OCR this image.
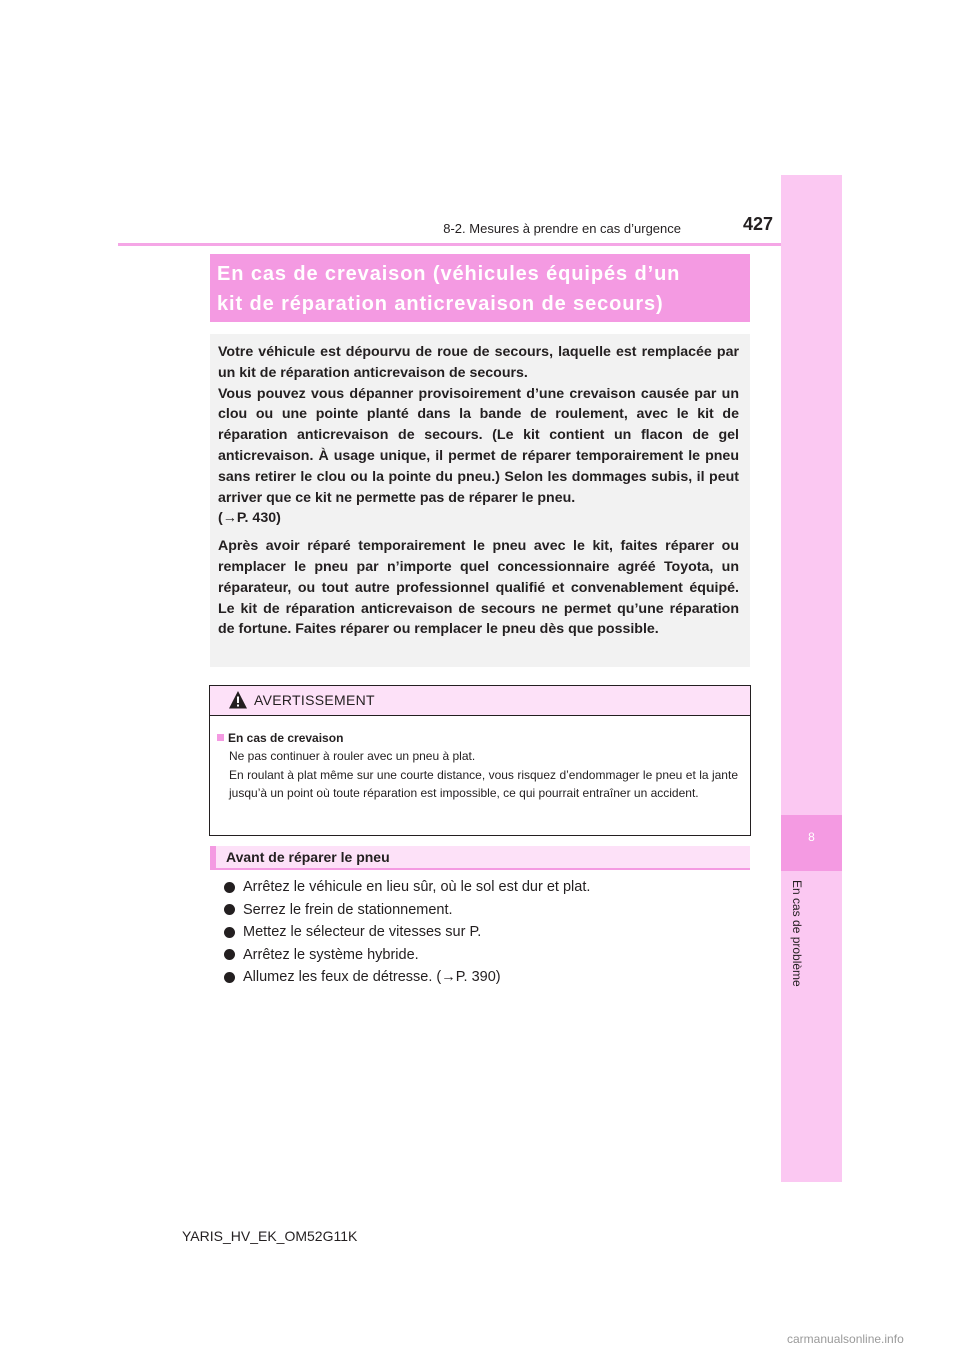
8-2. Mesures à prendre en cas d’urgence	427
8
En cas de problème
En cas de crevaison (véhicules équipés d’un
kit de réparation anticrevaison de secours)

Votre véhicule est dépourvu de roue de secours, laquelle est remplacée par un kit de réparation anticrevaison de secours.

Vous pouvez vous dépanner provisoirement d’une crevaison causée par un clou ou une pointe planté dans la bande de roulement, avec le kit de réparation anticrevaison de secours. (Le kit contient un flacon de gel anticrevaison. À usage unique, il permet de réparer temporairement le pneu sans retirer le clou ou la pointe du pneu.) Selon les dommages subis, il peut arriver que ce kit ne permette pas de réparer le pneu.

(→P. 430)

Après avoir réparé temporairement le pneu avec le kit, faites réparer ou remplacer le pneu par n’importe quel concessionnaire agréé Toyota, un réparateur, ou tout autre professionnel qualifié et convenablement équipé. Le kit de réparation anticrevaison de secours ne permet qu’une réparation de fortune. Faites réparer ou remplacer le pneu dès que possible.

AVERTISSEMENT
En cas de crevaison
Ne pas continuer à rouler avec un pneu à plat.
En roulant à plat même sur une courte distance, vous risquez d’endommager le pneu et la jante jusqu’à un point où toute réparation est impossible, ce qui pourrait entraîner un accident.
Avant de réparer le pneu
Arrêtez le véhicule en lieu sûr, où le sol est dur et plat.
Serrez le frein de stationnement.
Mettez le sélecteur de vitesses sur P.
Arrêtez le système hybride.
Allumez les feux de détresse. (→P. 390)
YARIS_HV_EK_OM52G11K
carmanualsonline.info
